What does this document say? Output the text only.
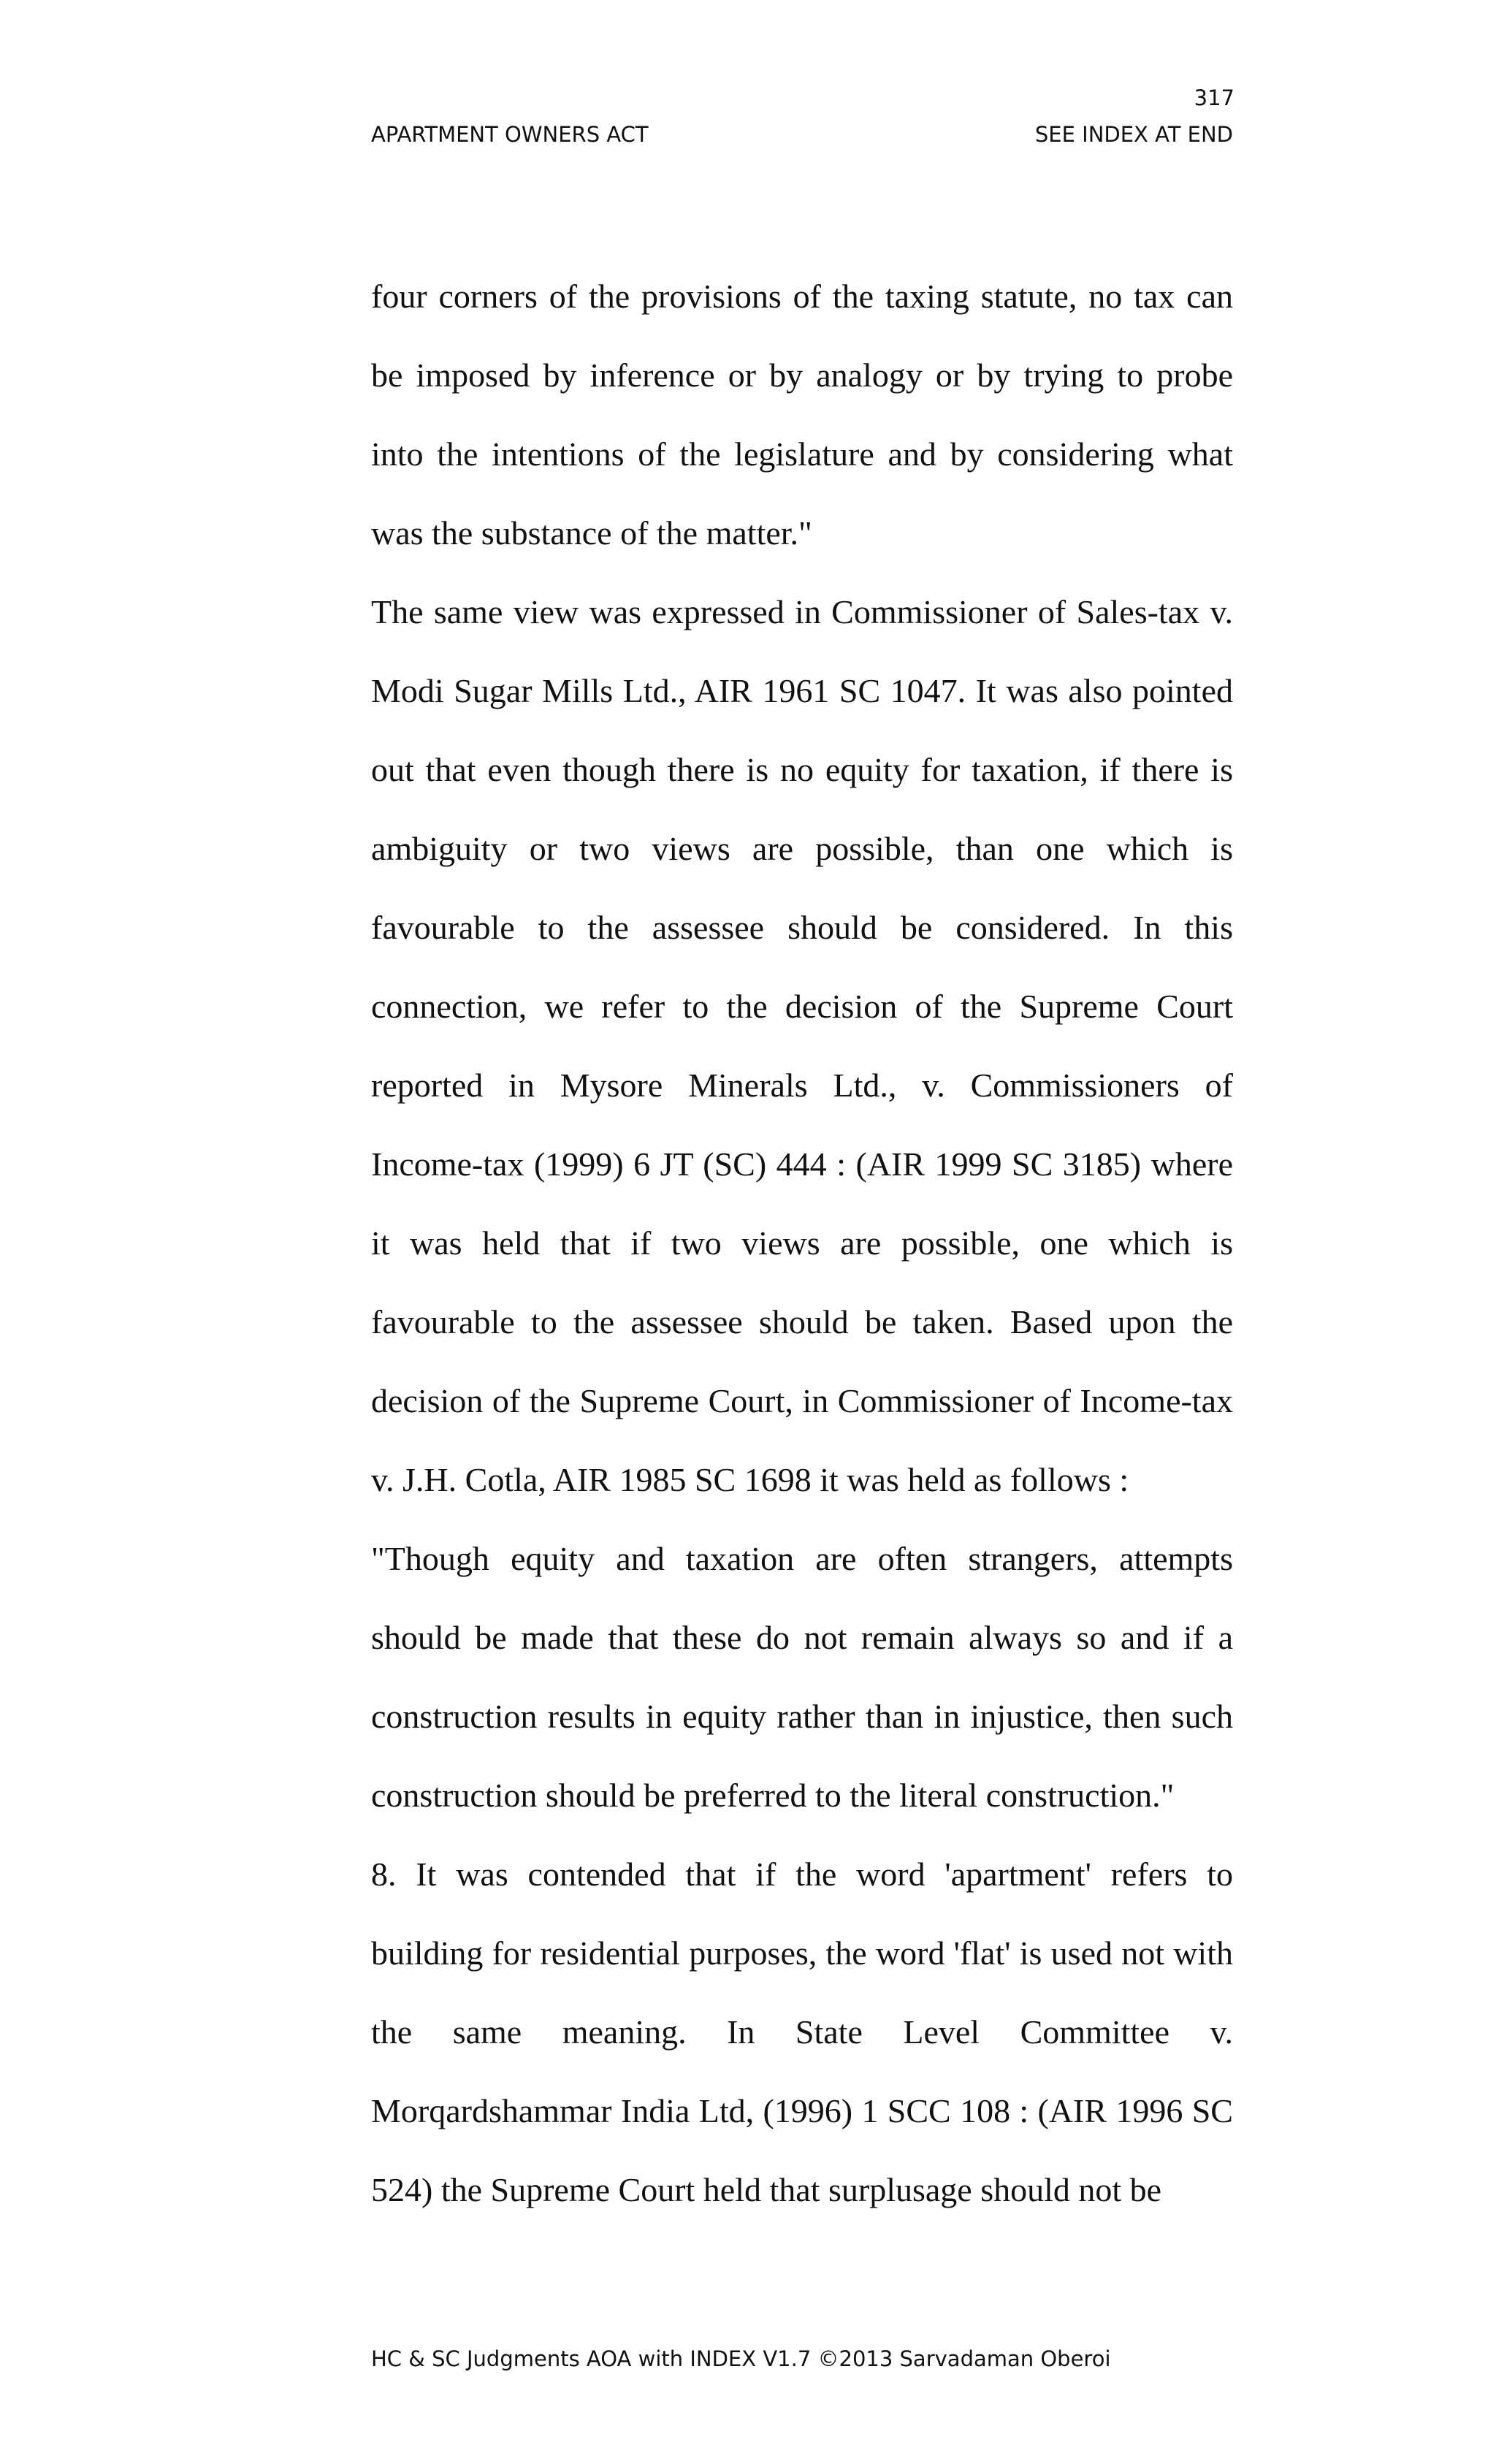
317
APARTMENT OWNERS ACT	SEE INDEX AT END

four corners of the provisions of the taxing statute, no tax can be imposed by inference or by analogy or by trying to probe into the intentions of the legislature and by considering what was the substance of the matter."

The same view was expressed in Commissioner of Sales-tax v. Modi Sugar Mills Ltd., AIR 1961 SC 1047. It was also pointed out that even though there is no equity for taxation, if there is ambiguity or two views are possible, than one which is favourable to the assessee should be considered. In this connection, we refer to the decision of the Supreme Court reported in Mysore Minerals Ltd., v. Commissioners of Income-tax (1999) 6 JT (SC) 444 : (AIR 1999 SC 3185) where it was held that if two views are possible, one which is favourable to the assessee should be taken. Based upon the decision of the Supreme Court, in Commissioner of Income-tax v. J.H. Cotla, AIR 1985 SC 1698 it was held as follows :

"Though equity and taxation are often strangers, attempts should be made that these do not remain always so and if a construction results in equity rather than in injustice, then such construction should be preferred to the literal construction."

8. It was contended that if the word 'apartment' refers to building for residential purposes, the word 'flat' is used not with the same meaning. In State Level Committee v. Morqardshammar India Ltd, (1996) 1 SCC 108 : (AIR 1996 SC 524) the Supreme Court held that surplusage should not be

HC & SC Judgments AOA with INDEX V1.7 ©2013 Sarvadaman Oberoi
